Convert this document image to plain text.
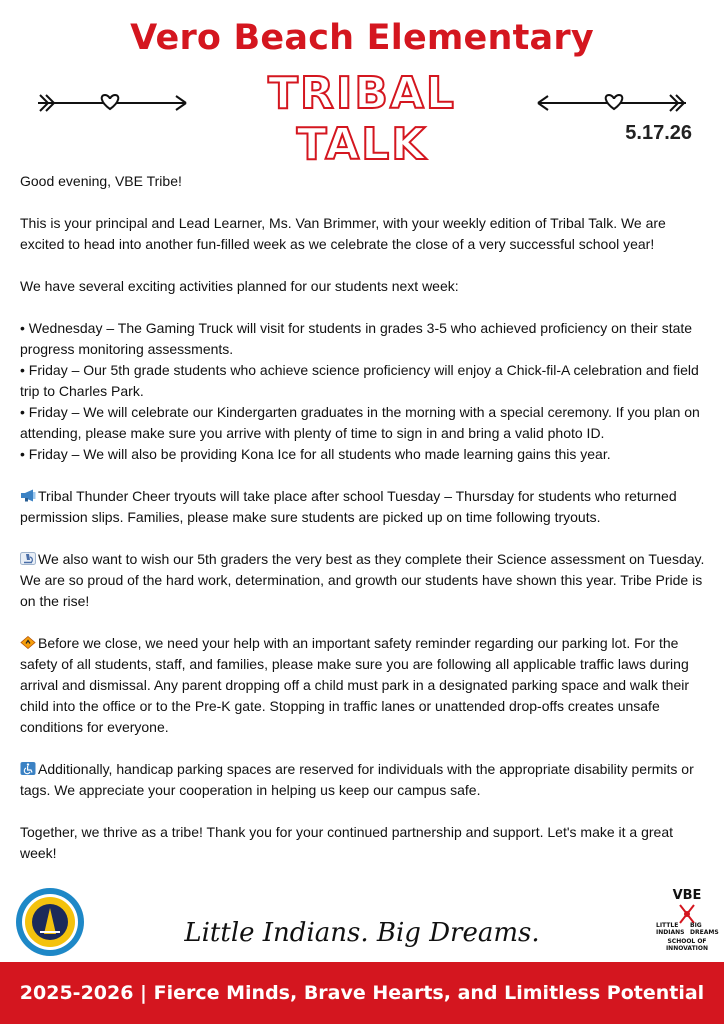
Vero Beach Elementary
TRIBAL TALK	5.17.26

Good evening, VBE Tribe!

This is your principal and Lead Learner, Ms. Van Brimmer, with your weekly edition of Tribal Talk. We are excited to head into another fun-filled week as we celebrate the close of a very successful school year!

We have several exciting activities planned for our students next week:

• Wednesday – The Gaming Truck will visit for students in grades 3-5 who achieved proficiency on their state progress monitoring assessments.
• Friday – Our 5th grade students who achieve science proficiency will enjoy a Chick-fil-A celebration and field trip to Charles Park.
• Friday – We will celebrate our Kindergarten graduates in the morning with a special ceremony. If you plan on attending, please make sure you arrive with plenty of time to sign in and bring a valid photo ID.
• Friday – We will also be providing Kona Ice for all students who made learning gains this year.

Tribal Thunder Cheer tryouts will take place after school Tuesday – Thursday for students who returned permission slips. Families, please make sure students are picked up on time following tryouts.

We also want to wish our 5th graders the very best as they complete their Science assessment on Tuesday. We are so proud of the hard work, determination, and growth our students have shown this year. Tribe Pride is on the rise!

Before we close, we need your help with an important safety reminder regarding our parking lot. For the safety of all students, staff, and families, please make sure you are following all applicable traffic laws during arrival and dismissal. Any parent dropping off a child must park in a designated parking space and walk their child into the office or to the Pre-K gate. Stopping in traffic lanes or unattended drop-offs creates unsafe conditions for everyone.

Additionally, handicap parking spaces are reserved for individuals with the appropriate disability permits or tags. We appreciate your cooperation in helping us keep our campus safe.

Together, we thrive as a tribe! Thank you for your continued partnership and support. Let's make it a great week!

Little Indians. Big Dreams.
VBE
LITTLE INDIANS
BIG DREAMS
SCHOOL OF INNOVATION
2025-2026 | Fierce Minds, Brave Hearts, and Limitless Potential
